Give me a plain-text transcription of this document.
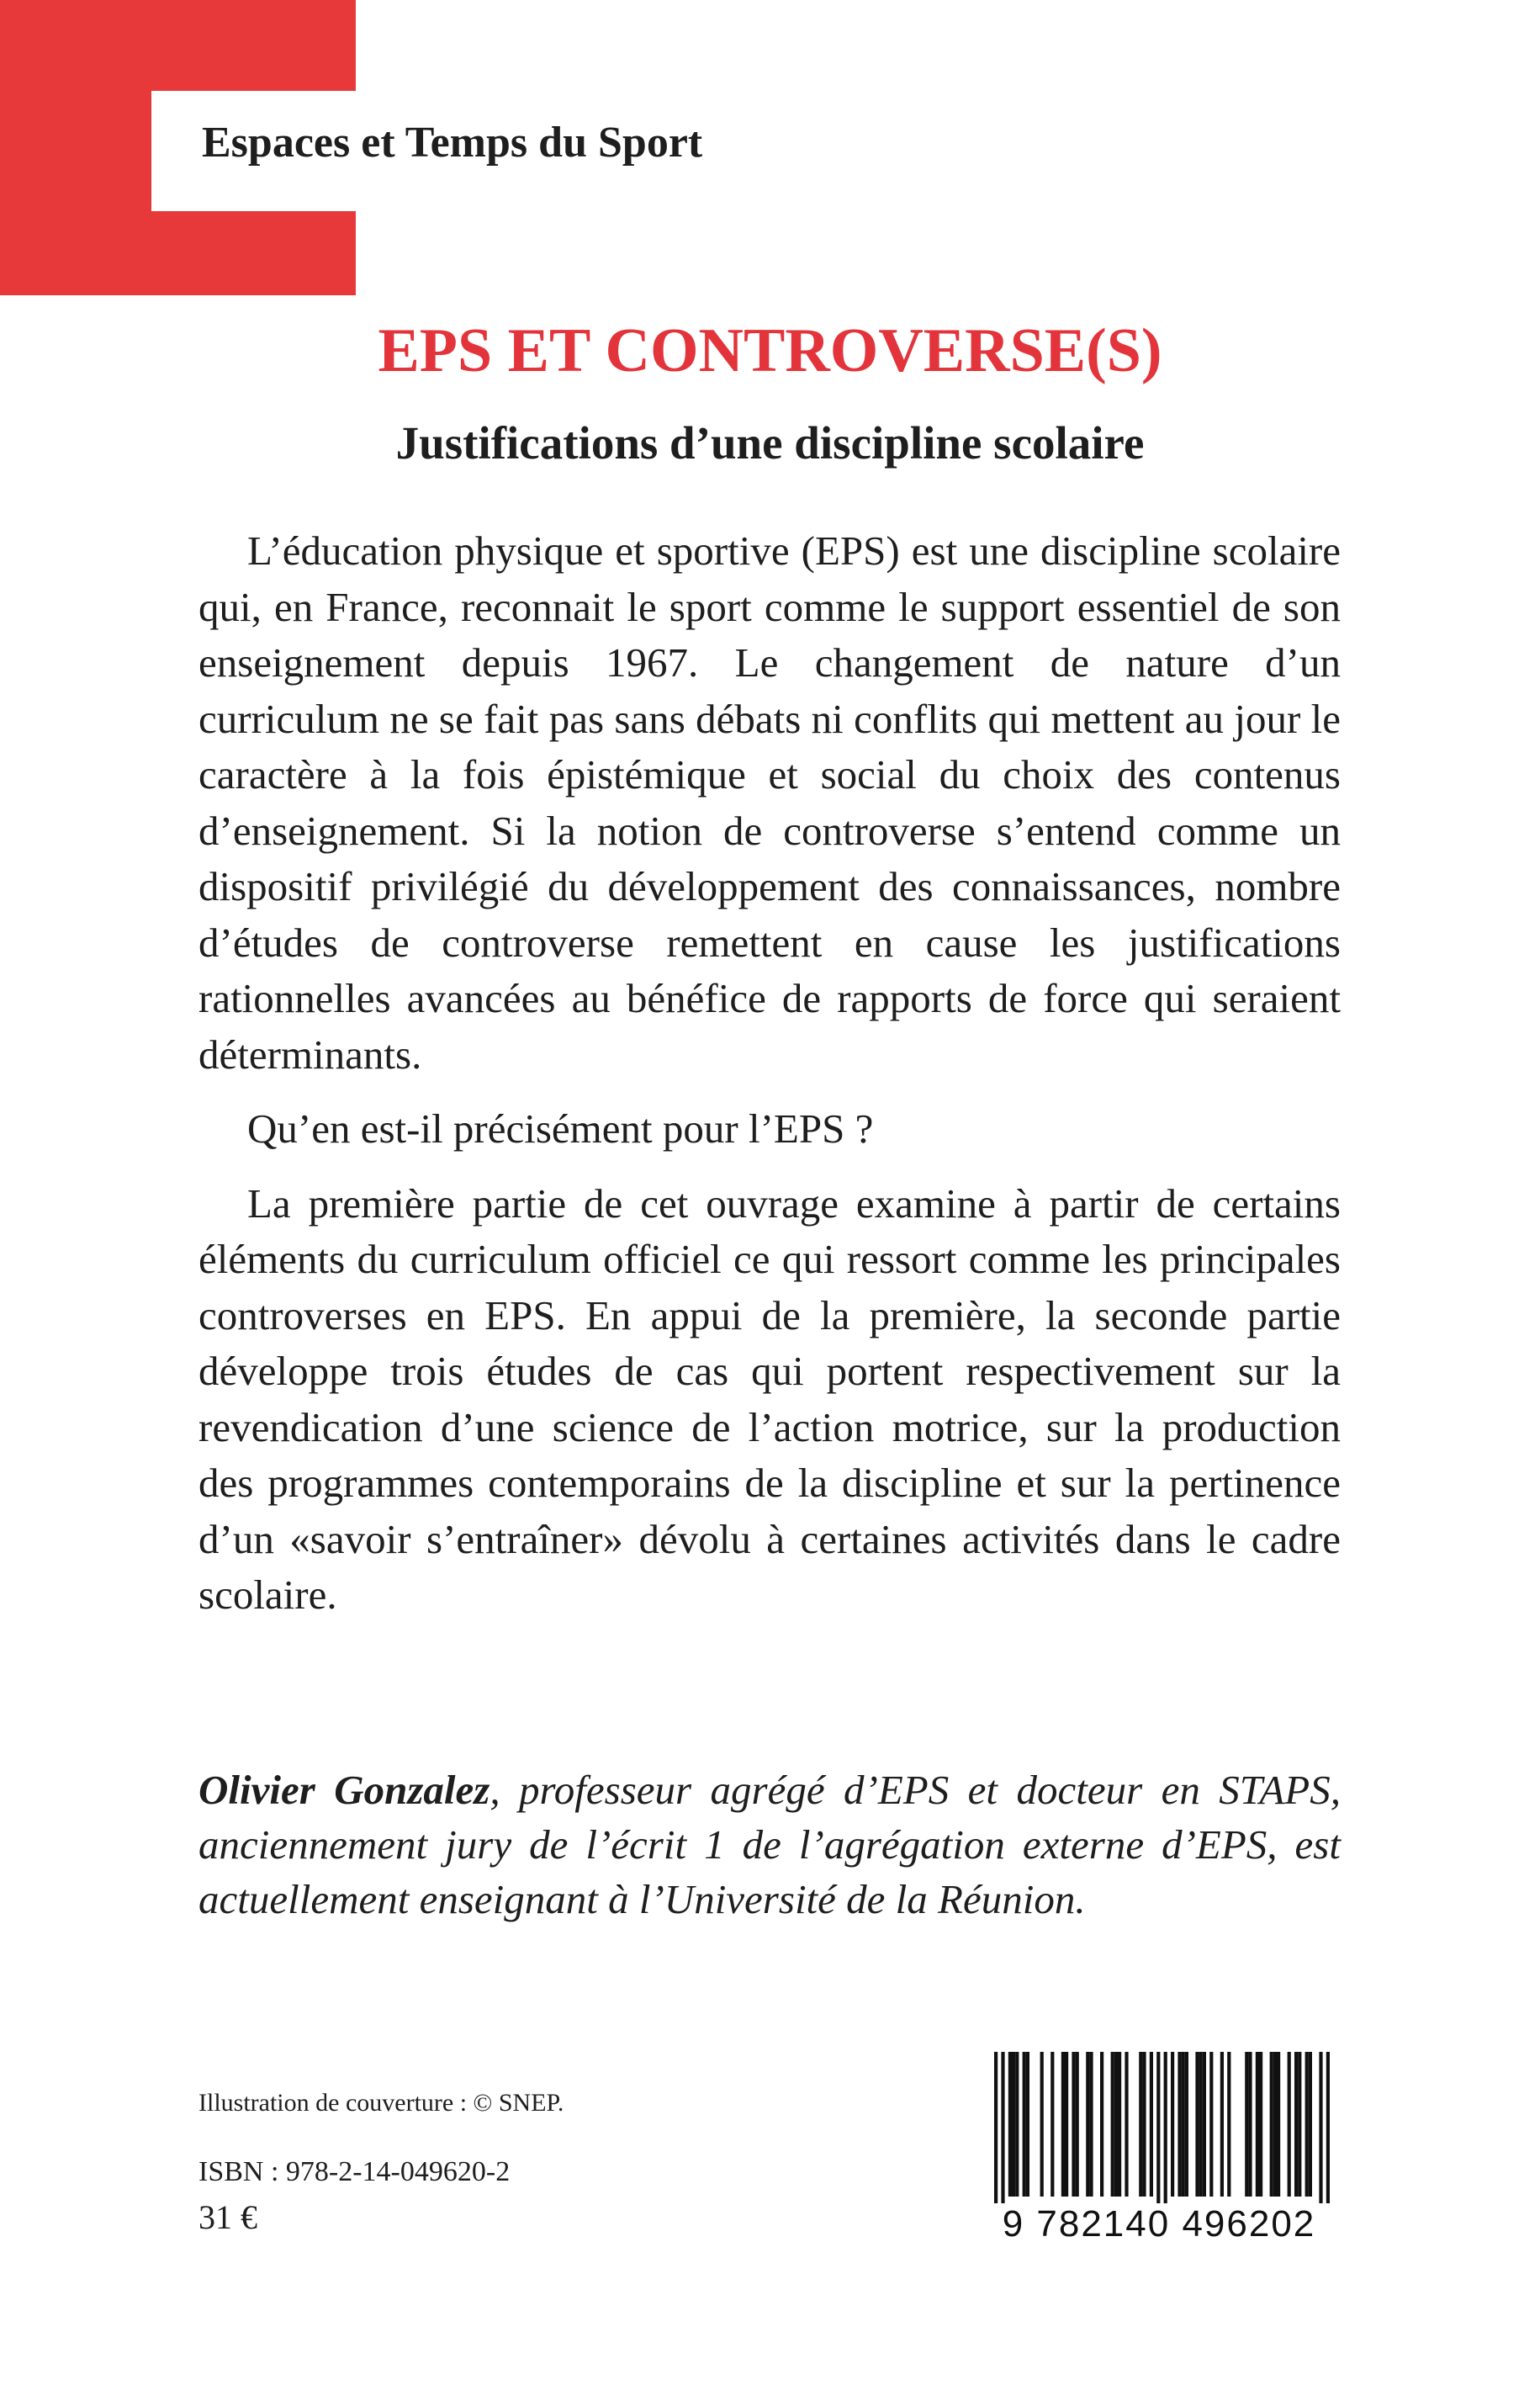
Espaces et Temps du Sport

EPS ET CONTROVERSE(S)
Justifications d’une discipline scolaire

L’éducation physique et sportive (EPS) est une discipline scolaire qui, en France, reconnait le sport comme le support essentiel de son enseignement depuis 1967. Le changement de nature d’un curriculum ne se fait pas sans débats ni conflits qui mettent au jour le caractère à la fois épistémique et social du choix des contenus d’enseignement. Si la notion de controverse s’entend comme un dispositif privilégié du développement des connaissances, nombre d’études de controverse remettent en cause les justifications rationnelles avancées au bénéfice de rapports de force qui seraient déterminants.

Qu’en est-il précisément pour l’EPS ?

La première partie de cet ouvrage examine à partir de certains éléments du curriculum officiel ce qui ressort comme les principales controverses en EPS. En appui de la première, la seconde partie développe trois études de cas qui portent respectivement sur la revendication d’une science de l’action motrice, sur la production des programmes contemporains de la discipline et sur la pertinence d’un «savoir s’entraîner» dévolu à certaines activités dans le cadre scolaire.

Olivier Gonzalez, professeur agrégé d’EPS et docteur en STAPS, anciennement jury de l’écrit 1 de l’agrégation externe d’EPS, est actuellement enseignant à l’Université de la Réunion.

Illustration de couverture : © SNEP.

ISBN : 978-2-14-049620-2

31 €	9 782140 496202
